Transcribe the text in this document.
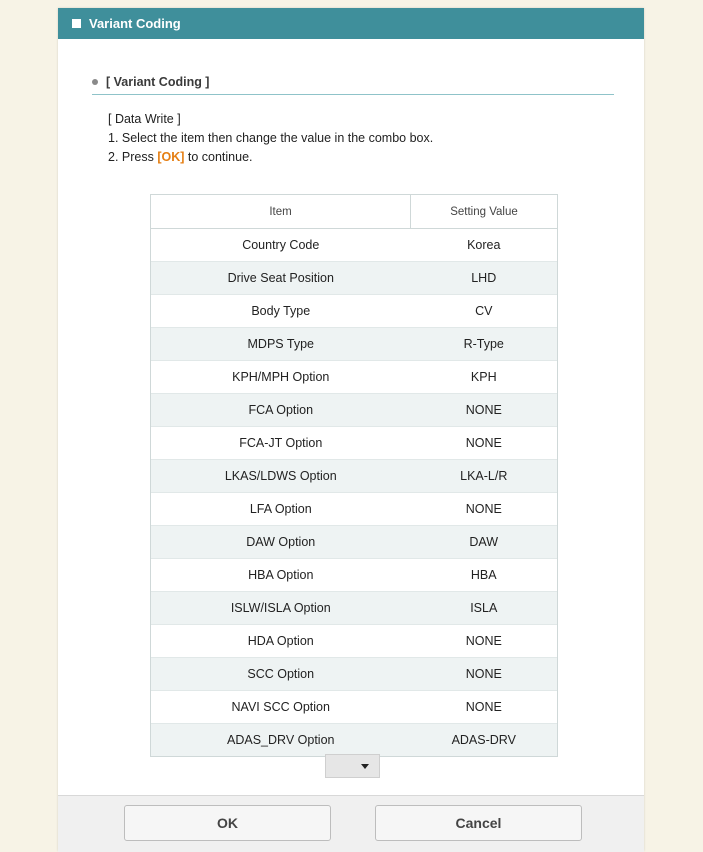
Variant Coding
[ Variant Coding ]
[ Data Write ]
1. Select the item then change the value in the combo box.
2. Press [OK] to continue.
Item	Setting Value
Country Code	Korea
Drive Seat Position	LHD
Body Type	CV
MDPS Type	R-Type
KPH/MPH Option	KPH
FCA Option	NONE
FCA-JT Option	NONE
LKAS/LDWS Option	LKA-L/R
LFA Option	NONE
DAW Option	DAW
HBA Option	HBA
ISLW/ISLA Option	ISLA
HDA Option	NONE
SCC Option	NONE
NAVI SCC Option	NONE
ADAS_DRV Option	ADAS-DRV
OK	Cancel
